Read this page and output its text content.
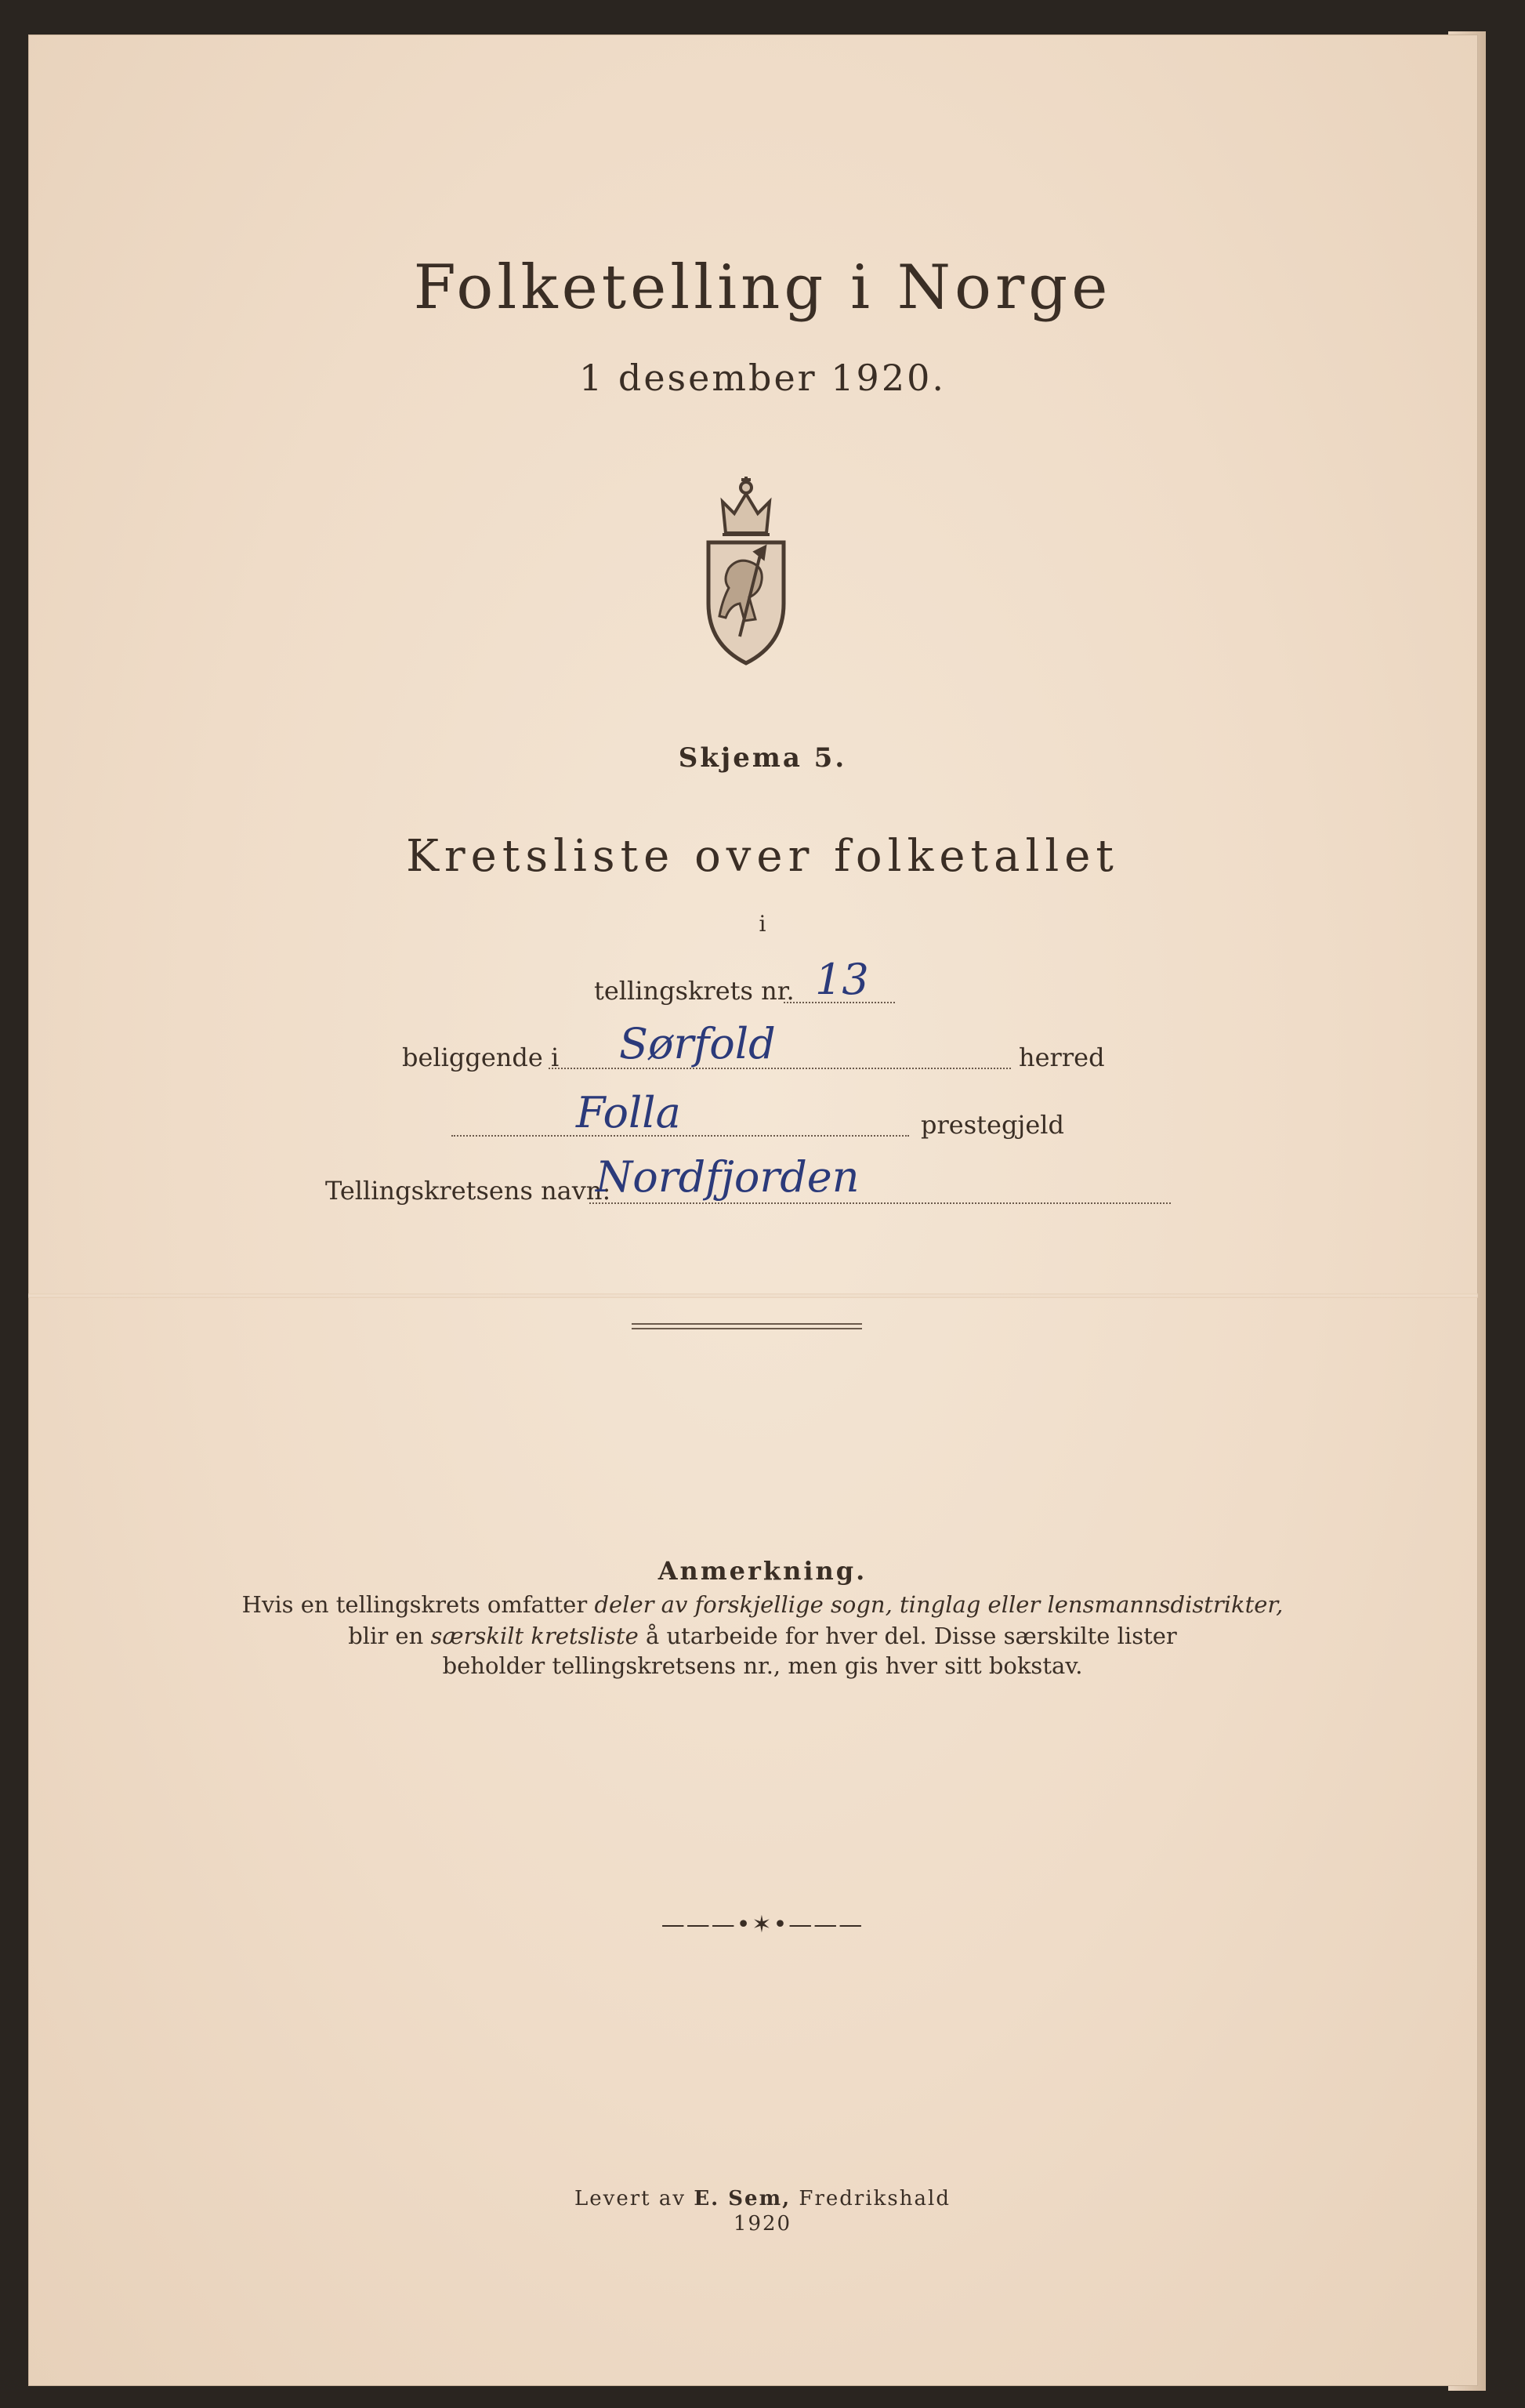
Folketelling i Norge
1 desember 1920.
Skjema 5.
Kretsliste over folketallet
i
tellingskrets nr. 13
beliggende i Sørfold	herred
Folla	prestegjeld
Tellingskretsens navn:
Nordfjorden
Anmerkning.
Hvis en tellingskrets omfatter deler av forskjellige sogn, tinglag eller lensmannsdistrikter,
blir en særskilt kretsliste å utarbeide for hver del. Disse særskilte lister
beholder tellingskretsens nr., men gis hver sitt bokstav.
———•✶•———
Levert av E. Sem, Fredrikshald
1920
